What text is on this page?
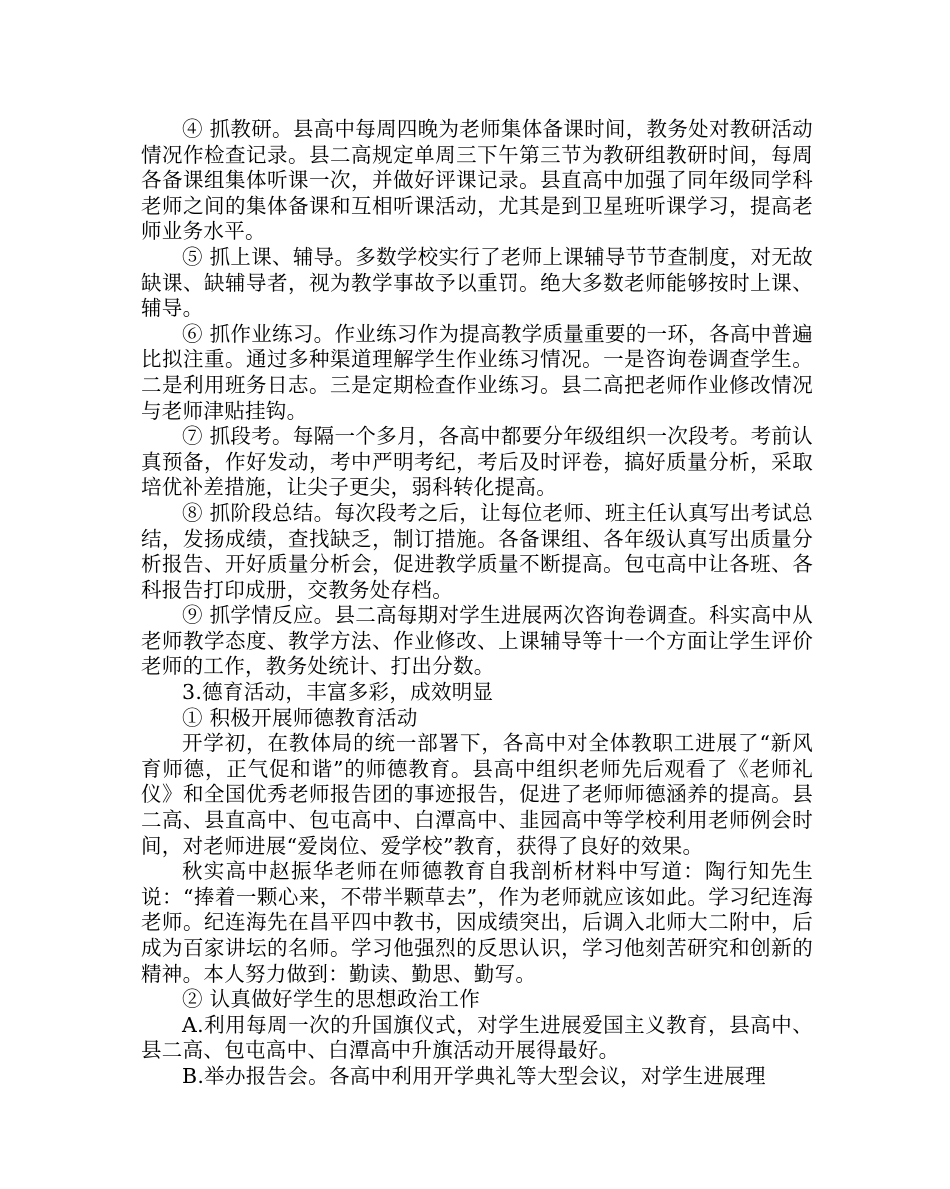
④ 抓教研。县高中每周四晚为老师集体备课时间，教务处对教研活动情况作检查记录。县二高规定单周三下午第三节为教研组教研时间，每周各备课组集体听课一次，并做好评课记录。县直高中加强了同年级同学科老师之间的集体备课和互相听课活动，尤其是到卫星班听课学习，提高老师业务水平。

⑤ 抓上课、辅导。多数学校实行了老师上课辅导节节查制度，对无故缺课、缺辅导者，视为教学事故予以重罚。绝大多数老师能够按时上课、辅导。

⑥ 抓作业练习。作业练习作为提高教学质量重要的一环，各高中普遍比拟注重。通过多种渠道理解学生作业练习情况。一是咨询卷调查学生。二是利用班务日志。三是定期检查作业练习。县二高把老师作业修改情况与老师津贴挂钩。

⑦ 抓段考。每隔一个多月，各高中都要分年级组织一次段考。考前认真预备，作好发动，考中严明考纪，考后及时评卷，搞好质量分析，采取培优补差措施，让尖子更尖，弱科转化提高。

⑧ 抓阶段总结。每次段考之后，让每位老师、班主任认真写出考试总结，发扬成绩，查找缺乏，制订措施。各备课组、各年级认真写出质量分析报告、开好质量分析会，促进教学质量不断提高。包屯高中让各班、各科报告打印成册，交教务处存档。

⑨ 抓学情反应。县二高每期对学生进展两次咨询卷调查。科实高中从老师教学态度、教学方法、作业修改、上课辅导等十一个方面让学生评价老师的工作，教务处统计、打出分数。

3.德育活动，丰富多彩，成效明显

① 积极开展师德教育活动

开学初，在教体局的统一部署下，各高中对全体教职工进展了“新风育师德，正气促和谐”的师德教育。县高中组织老师先后观看了《老师礼仪》和全国优秀老师报告团的事迹报告，促进了老师师德涵养的提高。县二高、县直高中、包屯高中、白潭高中、韭园高中等学校利用老师例会时间，对老师进展“爱岗位、爱学校”教育，获得了良好的效果。

秋实高中赵振华老师在师德教育自我剖析材料中写道：陶行知先生说：“捧着一颗心来，不带半颗草去”，作为老师就应该如此。学习纪连海老师。纪连海先在昌平四中教书，因成绩突出，后调入北师大二附中，后成为百家讲坛的名师。学习他强烈的反思认识，学习他刻苦研究和创新的精神。本人努力做到：勤读、勤思、勤写。

② 认真做好学生的思想政治工作

A.利用每周一次的升国旗仪式，对学生进展爱国主义教育，县高中、县二高、包屯高中、白潭高中升旗活动开展得最好。

B.举办报告会。各高中利用开学典礼等大型会议，对学生进展理
